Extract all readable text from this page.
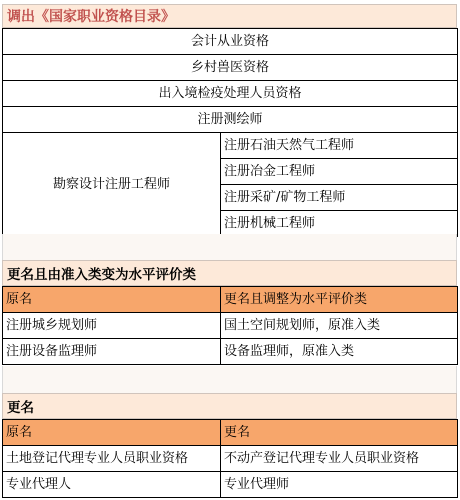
调出《国家职业资格目录》
会计从业资格
乡村兽医资格
出入境检疫处理人员资格
注册测绘师
勘察设计注册工程师	注册石油天然气工程师
注册冶金工程师
注册采矿/矿物工程师
注册机械工程师
更名且由准入类变为水平评价类
原名	更名且调整为水平评价类
注册城乡规划师	国土空间规划师，原准入类
注册设备监理师	设备监理师，原准入类
更名
原名	更名
土地登记代理专业人员职业资格	不动产登记代理专业人员职业资格
专业代理人	专业代理师
